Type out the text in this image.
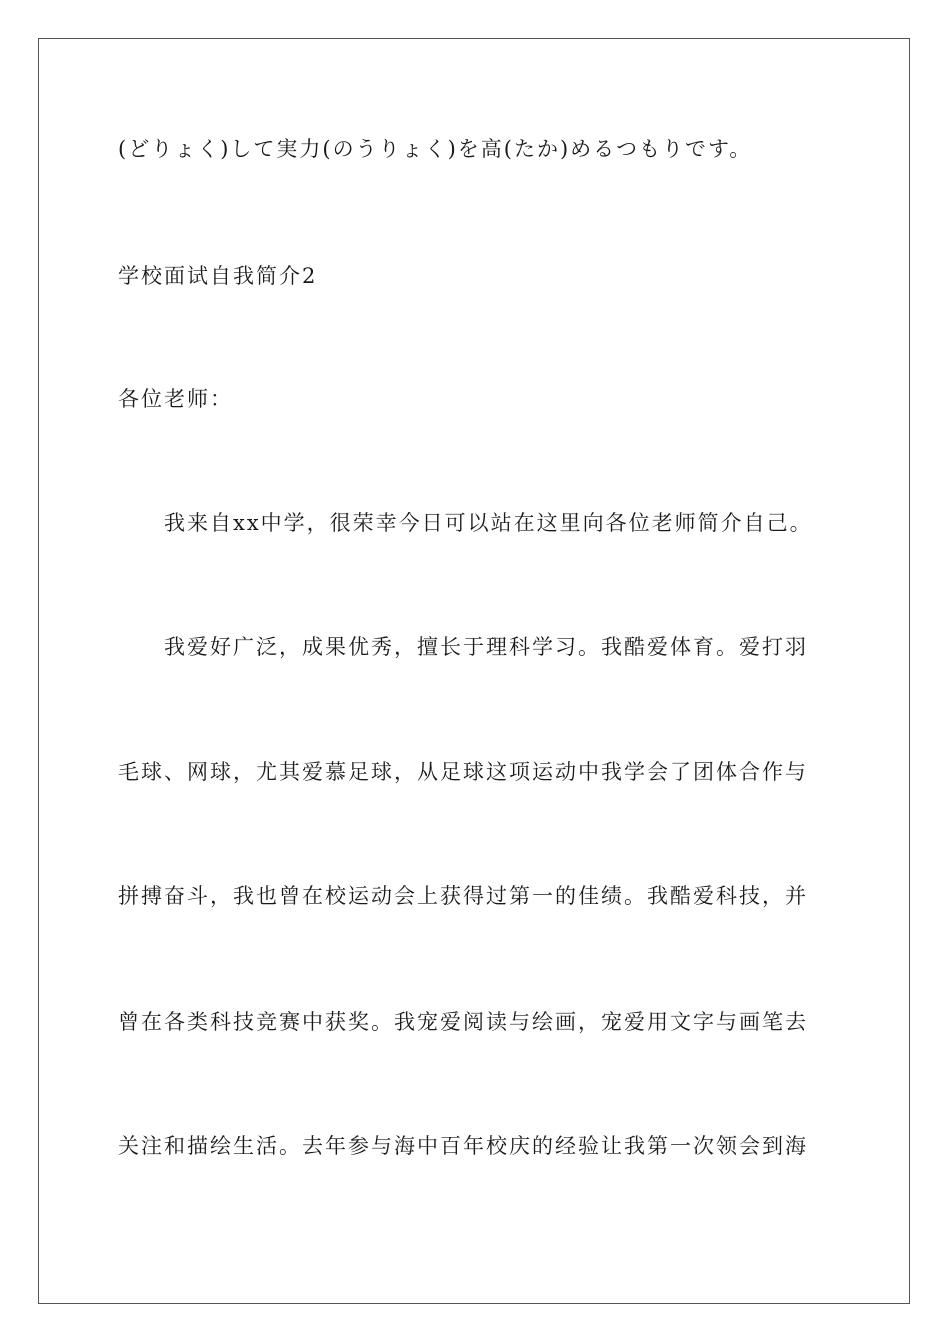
(どりょく)して実力(のうりょく)を高(たか)めるつもりです。
学校面试自我简介2
各位老师：
我来自xx中学，很荣幸今日可以站在这里向各位老师简介自己。
我爱好广泛，成果优秀，擅长于理科学习。我酷爱体育。爱打羽
毛球、网球，尤其爱慕足球，从足球这项运动中我学会了团体合作与
拼搏奋斗，我也曾在校运动会上获得过第一的佳绩。我酷爱科技，并
曾在各类科技竞赛中获奖。我宠爱阅读与绘画，宠爱用文字与画笔去
关注和描绘生活。去年参与海中百年校庆的经验让我第一次领会到海
